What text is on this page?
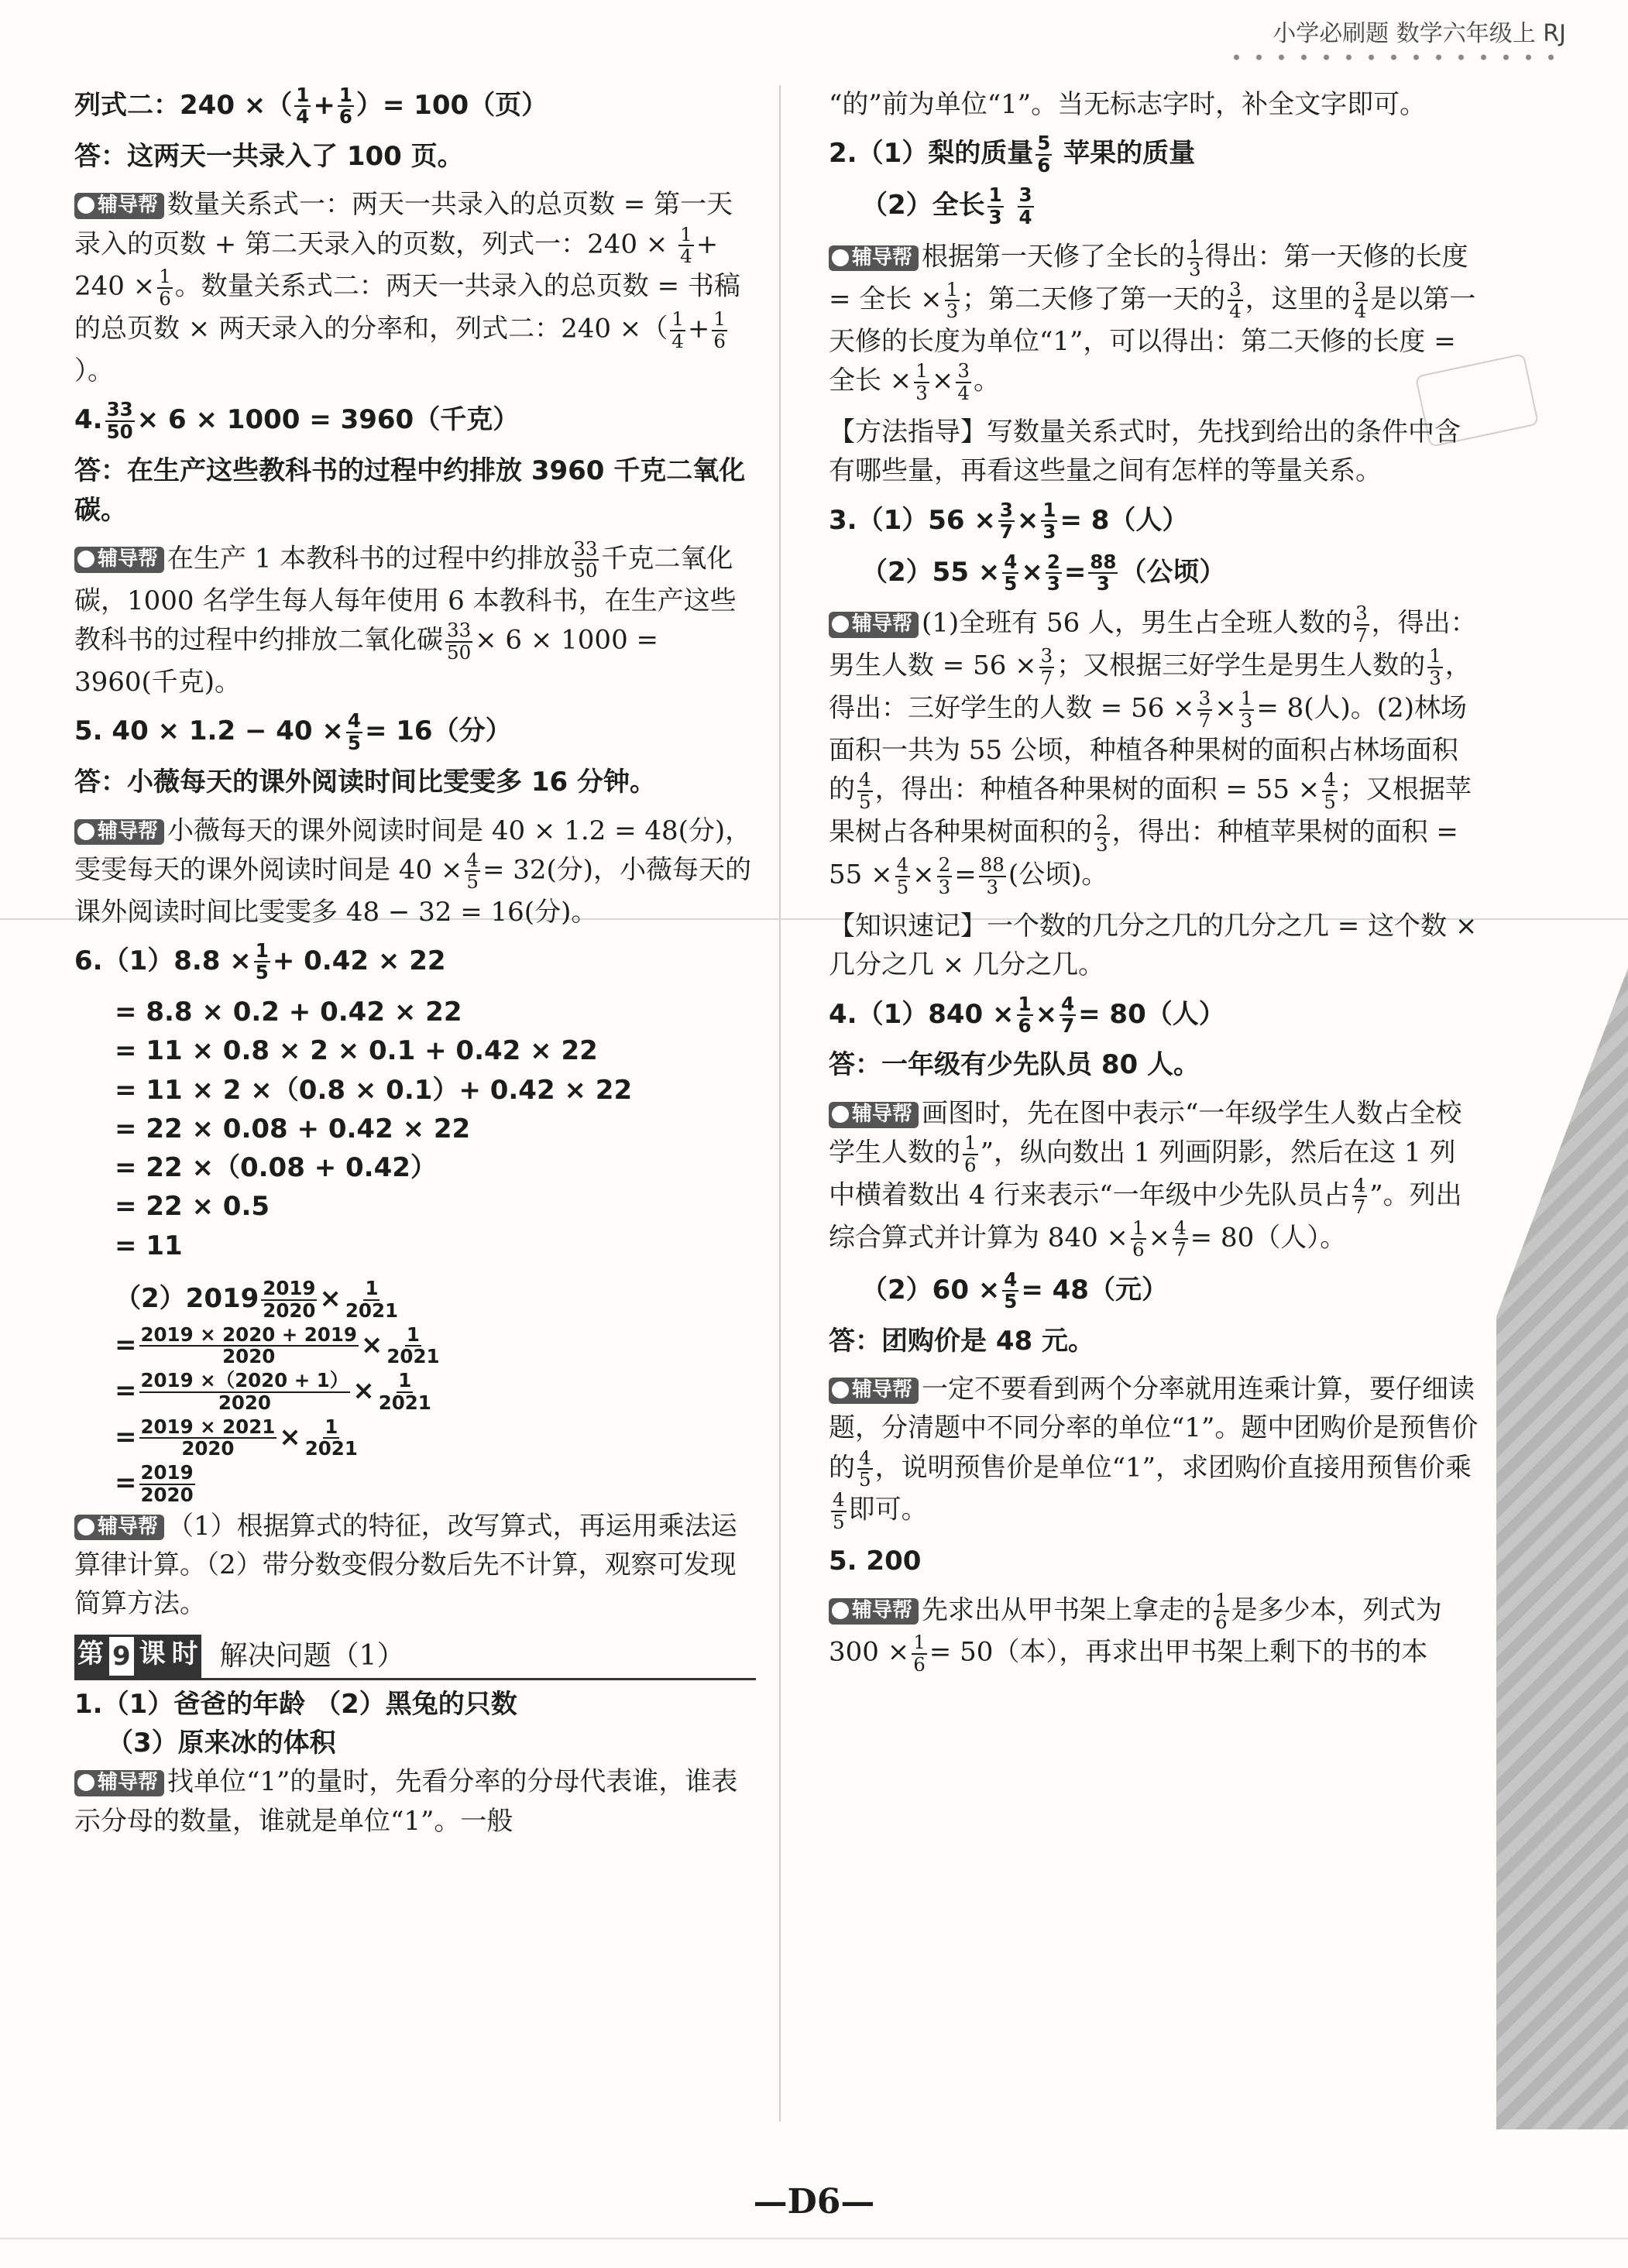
小学必刷题 数学六年级上 RJ

列式二：240 ×（ $\frac{1}{4} + \frac{1}{6}$ ）= 100（页）

答：这两天一共录入了 100 页。

辅导帮 数量关系式一：两天一共录入的总页数 = 第一天录入的页数 + 第二天录入的页数，列式一：$240 \times \frac{1}{4} + 240 \times \frac{1}{6}$ 。数量关系式二：两天一共录入的总页数 = 书稿的总页数 × 两天录入的分率和，列式二：240 ×（ $\frac{1}{4} + \frac{1}{6}$
）。

4. $\frac{33}{50} \times 6 \times 1000 = 3960$（千克）

答：在生产这些教科书的过程中约排放 3960 千克二氧化碳。

辅导帮 在生产 1 本教科书的过程中约排放 $\frac{33}{50}$ 千克二氧化碳，1000 名学生每人每年使用 6 本教科书，在生产这些教科书的过程中约排放二氧化碳 $\frac{33}{50} \times 6 \times 1000 = 3960$(千克)。

5. $40 \times 1.2 - 40 \times \frac{4}{5} = 16$（分）

答：小薇每天的课外阅读时间比雯雯多 16 分钟。

辅导帮 小薇每天的课外阅读时间是 40 × 1.2 = 48(分)，雯雯每天的课外阅读时间是 $40 \times \frac{4}{5} = 32$(分)，小薇每天的课外阅读时间比雯雯多 48 − 32 = 16(分)。

$6.(1)8.8 \times \frac{1}{5} + 0.42 \times 22$

= 8.8 × 0.2 + 0.42 × 22
= 11 × 0.8 × 2 × 0.1 + 0.42 × 22
= 11 × 2 ×（0.8 × 0.1）+ 0.42 × 22
= 22 × 0.08 + 0.42 × 22
= 22 ×（0.08 + 0.42）
= 22 × 0.5
= 11
$(2)2019 \frac{2019}{2020} \times \frac{1}{2021}$
= $\frac{2019 \times 2020 + 2019}{2020} \times \frac{1}{2021}$
= $\frac{2019 \times(2020 + 1)}{2020} \times \frac{1}{2021}$
= $\frac{2019 \times 2021}{2020} \times \frac{1}{2021}$
= $\frac{2019}{2020}$

辅导帮 （1）根据算式的特征，改写算式，再运用乘法运算律计算。（2）带分数变假分数后先不计算，观察可发现简算方法。

第 9 课 时 解决问题（1）

1.（1）爸爸的年龄 （2）黑兔的只数

（3）原来冰的体积

辅导帮 找单位“1”的量时，先看分率的分母代表谁，谁表示分母的数量，谁就是单位“1”。一般

“的”前为单位“1”。当无标志字时，补全文字即可。

2.（1）梨的质量 $\frac{5}{6}$ 苹果的质量

（2）全长 $\frac{1}{3}$
$\frac{3}{4}$

辅导帮 根据第一天修了全长的 $\frac{1}{3}$ 得出：第一天修的长度 = 全长 × $\frac{1}{3}$ ；第二天修了第一天的 $\frac{3}{4}$ ，这里的 $\frac{3}{4}$ 是以第一天修的长度为单位“1”，可以得出：第二天修的长度 = 全长 × $\frac{1}{3} \times \frac{3}{4}$ 。

【方法指导】写数量关系式时，先找到给出的条件中含有哪些量，再看这些量之间有怎样的等量关系。

$3.(1)56 \times \frac{3}{7} \times \frac{1}{3} = 8$（人）

$(2)55 \times \frac{4}{5} \times \frac{2}{3} = \frac{88}{3}$ （公顷）

辅导帮 (1)全班有 56 人，男生占全班人数的 $\frac{3}{7}$ ，得出：男生人数 = $56 \times \frac{3}{7}$ ；又根据三好学生是男生人数的 $\frac{1}{3}$ ，得出：三好学生的人数 = $56 \times \frac{3}{7} \times \frac{1}{3} = 8$(人)。(2)林场面积一共为 55 公顷，种植各种果树的面积占林场面积的 $\frac{4}{5}$ ，得出：种植各种果树的面积 = $55 \times \frac{4}{5}$ ；又根据苹果树占各种果树面积的 $\frac{2}{3}$ ，得出：种植苹果树的面积 = $55 \times \frac{4}{5} \times \frac{2}{3} = \frac{88}{3}$ (公顷)。

【知识速记】一个数的几分之几的几分之几 = 这个数 × 几分之几 × 几分之几。

$4.(1)840 \times \frac{1}{6} \times \frac{4}{7} = 80$（人）

答：一年级有少先队员 80 人。

辅导帮 画图时，先在图中表示“一年级学生人数占全校学生人数的 $\frac{1}{6}$ ”，纵向数出 1 列画阴影，然后在这 1 列中横着数出 4 行来表示“一年级中少先队员占 $\frac{4}{7}$ ”。列出综合算式并计算为 $840 \times \frac{1}{6} \times \frac{4}{7} = 80$（人）。

$(2)60 \times \frac{4}{5} = 48$（元）

答：团购价是 48 元。

辅导帮 一定不要看到两个分率就用连乘计算，要仔细读题，分清题中不同分率的单位“1”。题中团购价是预售价的 $\frac{4}{5}$ ，说明预售价是单位“1”，求团购价直接用预售价乘
$\frac{4}{5}$ 即可。

5. 200

辅导帮 先求出从甲书架上拿走的 $\frac{1}{6}$ 是多少本，列式为 $300 \times \frac{1}{6} = 50$（本），再求出甲书架上剩下的书的本

—D6—
